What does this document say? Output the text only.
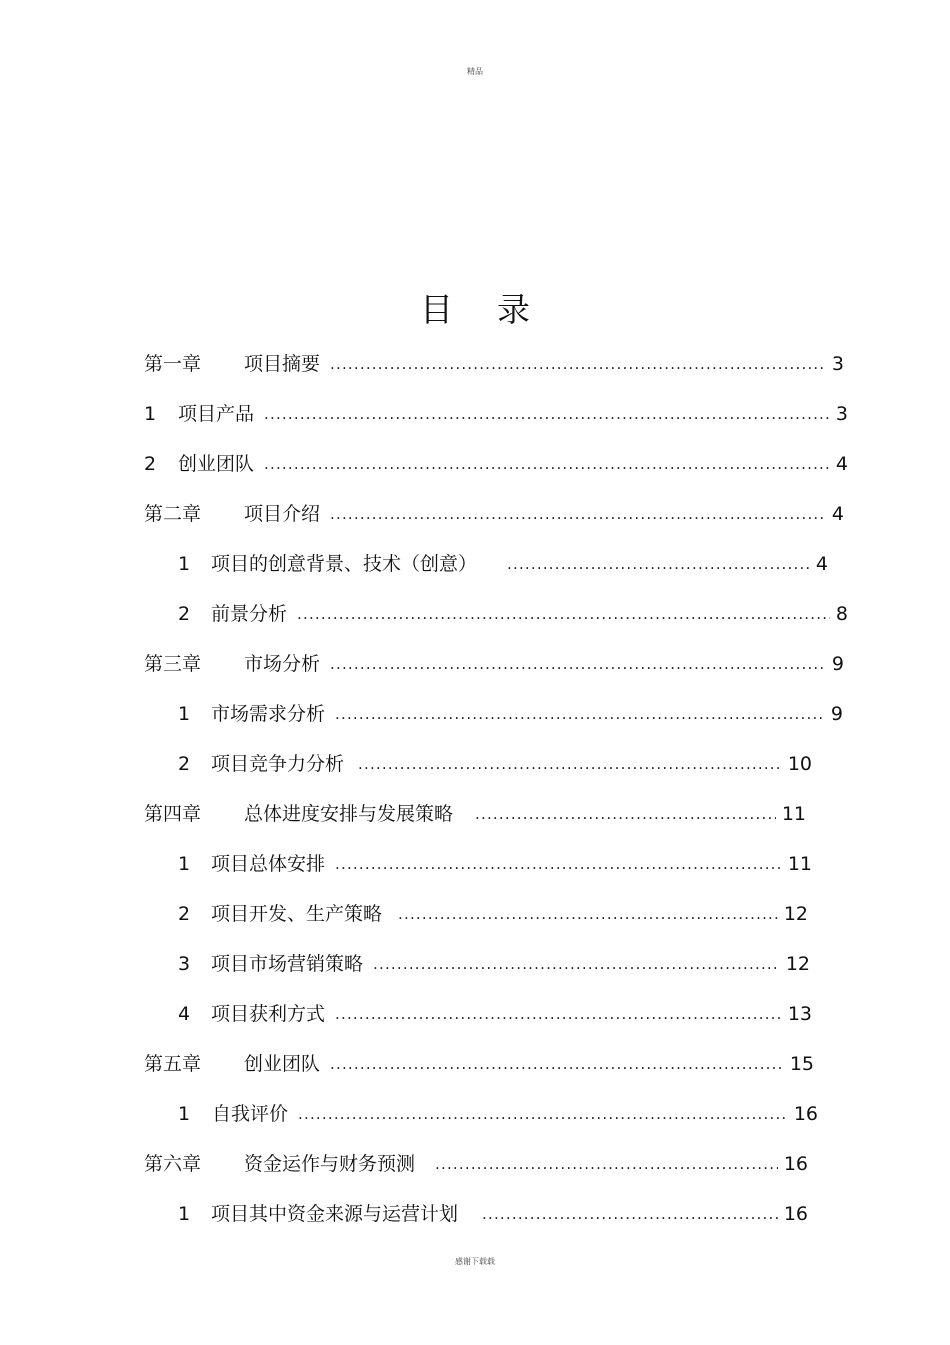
精品
目 录
第一章	项目摘要 .....	3
1	项目产品 .....	3
2	创业团队 .....	4
第二章	项目介绍 .....	4
1	项目的创意背景、技术（创意） .....	4
2	前景分析 .....	8
第三章	市场分析 .....	9
1	市场需求分析 .....	9
2	项目竞争力分析 .....	10
第四章	总体进度安排与发展策略 .....	11
1	项目总体安排 .....	11
2	项目开发、生产策略 .....	12
3	项目市场营销策略 .....	12
4	项目获利方式 .....	13
第五章	创业团队 .....	15
1	自我评价 .....	16
第六章	资金运作与财务预测 .....	16
1	项目其中资金来源与运营计划 .....	16
感谢下载载
